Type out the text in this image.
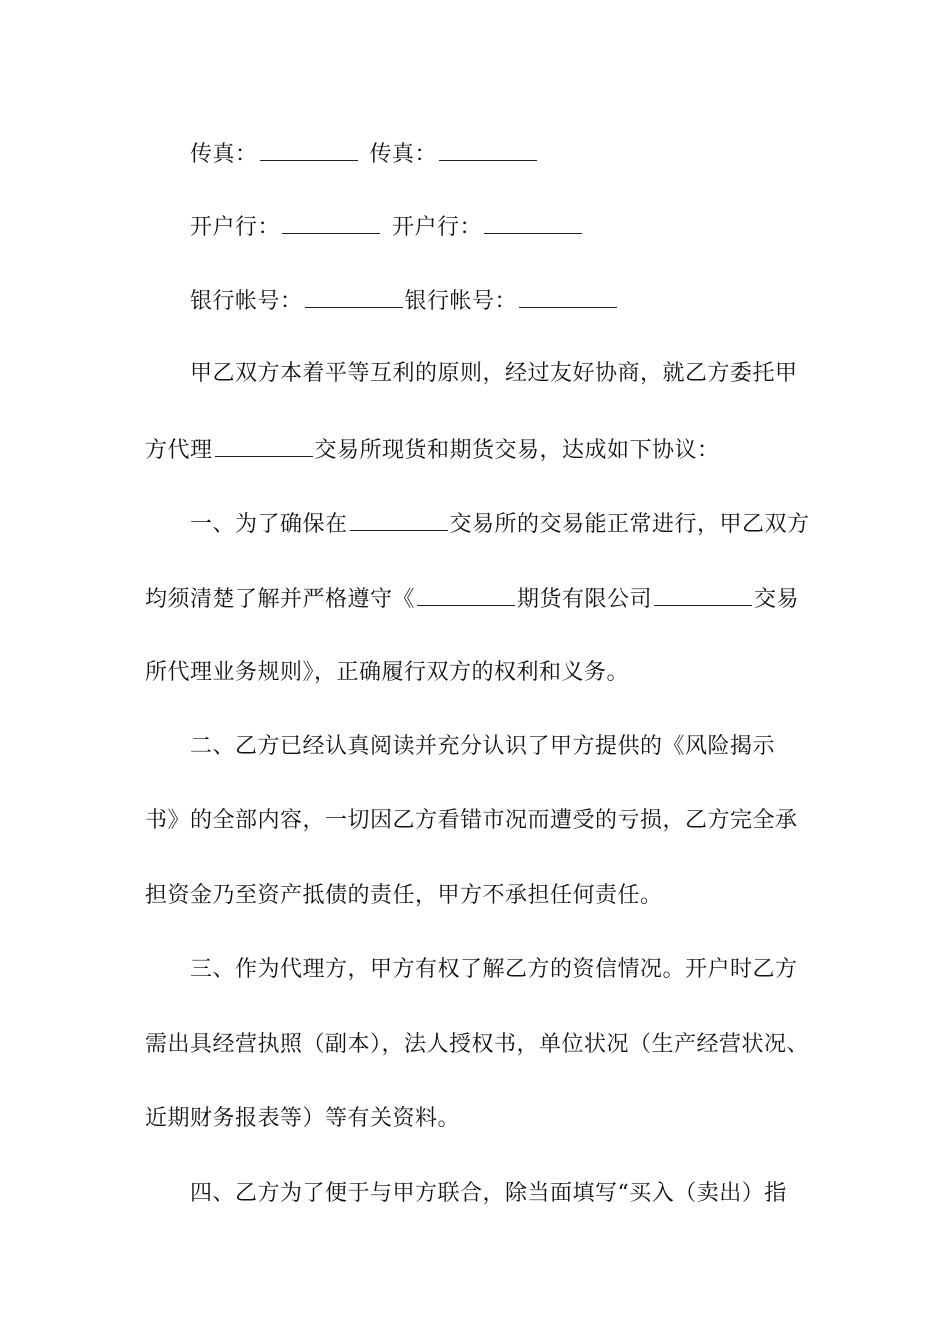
传真：	传真：
开户行：	开户行：
银行帐号：	银行帐号：
甲乙双方本着平等互利的原则，经过友好协商，就乙方委托甲
方代理	交易所现货和期货交易，达成如下协议：
一、为了确保在	交易所的交易能正常进行，甲乙双方
均须清楚了解并严格遵守《	期货有限公司	交易
所代理业务规则》，正确履行双方的权利和义务。
二、乙方已经认真阅读并充分认识了甲方提供的《风险揭示
书》的全部内容，一切因乙方看错市况而遭受的亏损，乙方完全承
担资金乃至资产抵债的责任，甲方不承担任何责任。
三、作为代理方，甲方有权了解乙方的资信情况。开户时乙方
需出具经营执照（副本），法人授权书，单位状况（生产经营状况、
近期财务报表等）等有关资料。
四、乙方为了便于与甲方联合，除当面填写“买入（卖出）指
